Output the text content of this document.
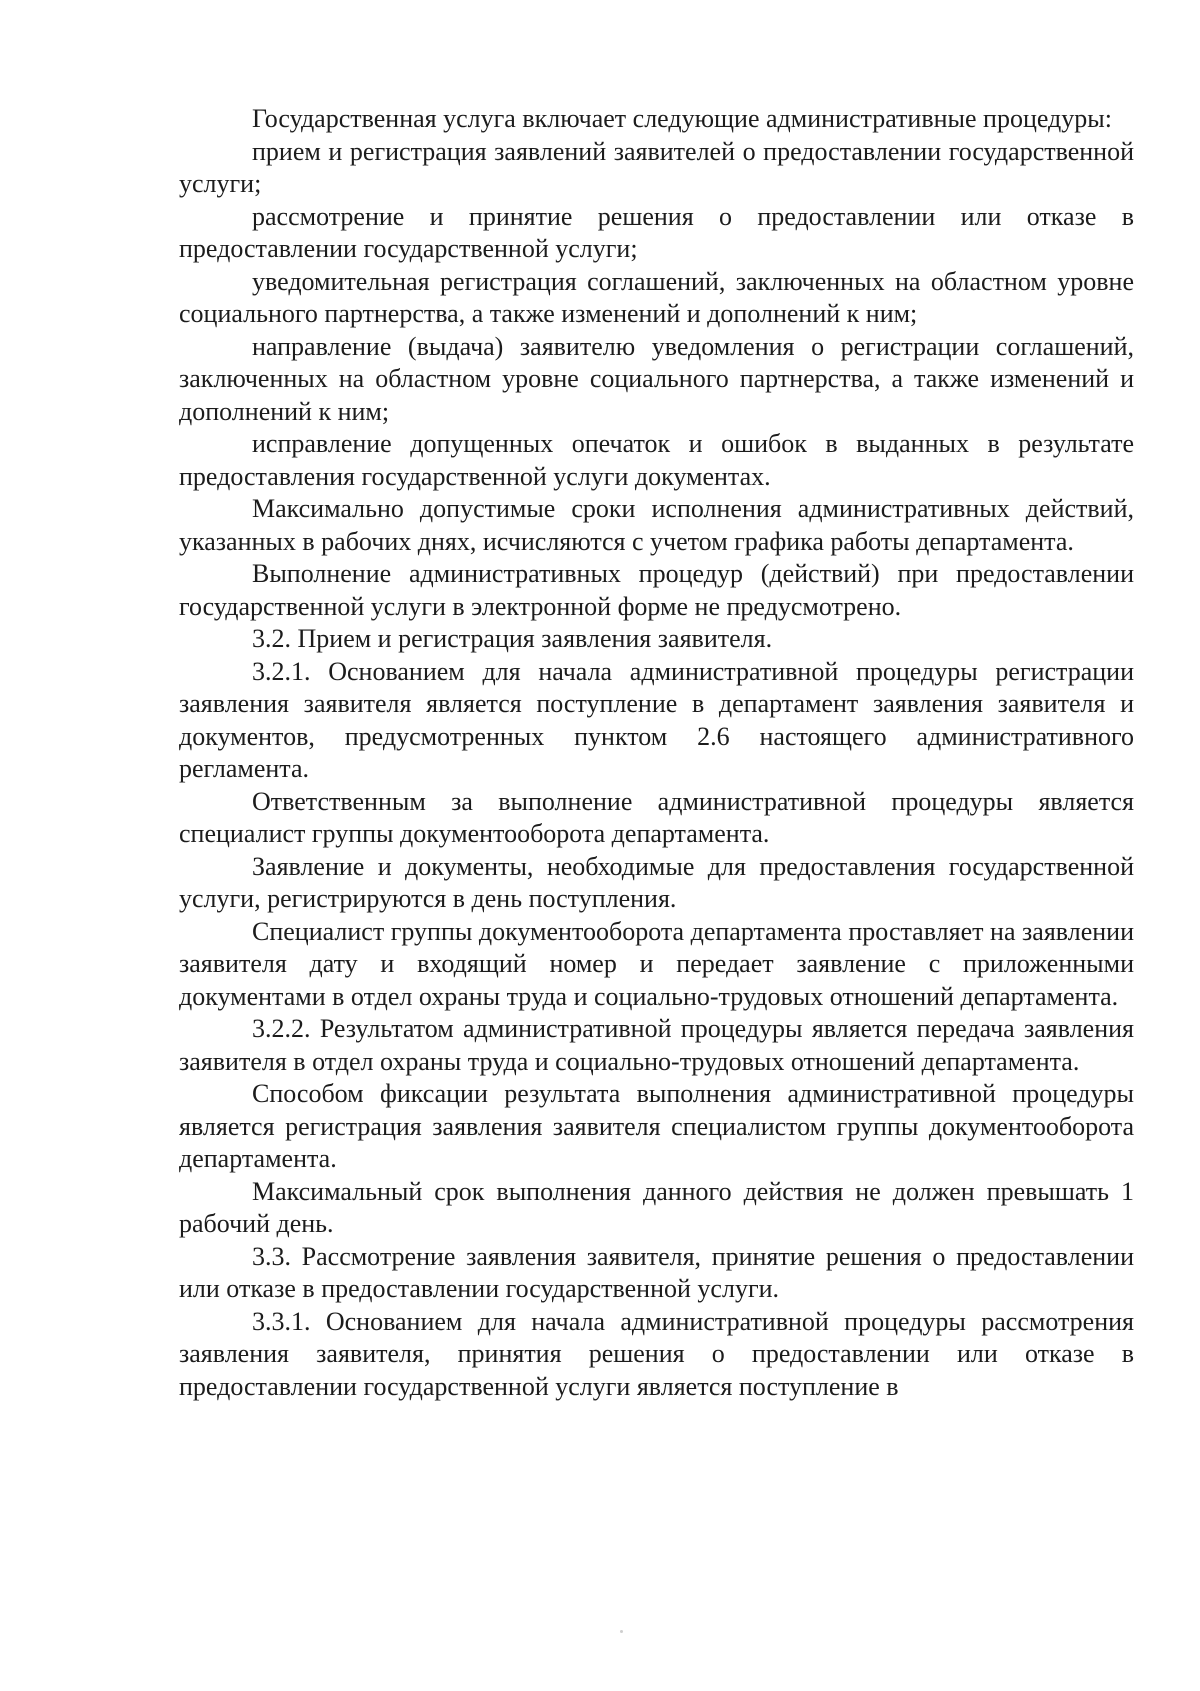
Государственная услуга включает следующие административные процедуры:

прием и регистрация заявлений заявителей о предоставлении государственной услуги;

рассмотрение и принятие решения о предоставлении или отказе в предоставлении государственной услуги;

уведомительная регистрация соглашений, заключенных на областном уровне социального партнерства, а также изменений и дополнений к ним;

направление (выдача) заявителю уведомления о регистрации соглашений, заключенных на областном уровне социального партнерства, а также изменений и дополнений к ним;

исправление допущенных опечаток и ошибок в выданных в результате предоставления государственной услуги документах.

Максимально допустимые сроки исполнения административных действий, указанных в рабочих днях, исчисляются с учетом графика работы департамента.

Выполнение административных процедур (действий) при предоставлении государственной услуги в электронной форме не предусмотрено.

3.2. Прием и регистрация заявления заявителя.

3.2.1. Основанием для начала административной процедуры регистрации заявления заявителя является поступление в департамент заявления заявителя и документов, предусмотренных пунктом 2.6 настоящего административного регламента.

Ответственным за выполнение административной процедуры является специалист группы документооборота департамента.

Заявление и документы, необходимые для предоставления государственной услуги, регистрируются в день поступления.

Специалист группы документооборота департамента проставляет на заявлении заявителя дату и входящий номер и передает заявление с приложенными документами в отдел охраны труда и социально-трудовых отношений департамента.

3.2.2. Результатом административной процедуры является передача заявления заявителя в отдел охраны труда и социально-трудовых отношений департамента.

Способом фиксации результата выполнения административной процедуры является регистрация заявления заявителя специалистом группы документооборота департамента.

Максимальный срок выполнения данного действия не должен превышать 1 рабочий день.

3.3. Рассмотрение заявления заявителя, принятие решения о предоставлении или отказе в предоставлении государственной услуги.

3.3.1. Основанием для начала административной процедуры рассмотрения заявления заявителя, принятия решения о предоставлении или отказе в предоставлении государственной услуги является поступление в
